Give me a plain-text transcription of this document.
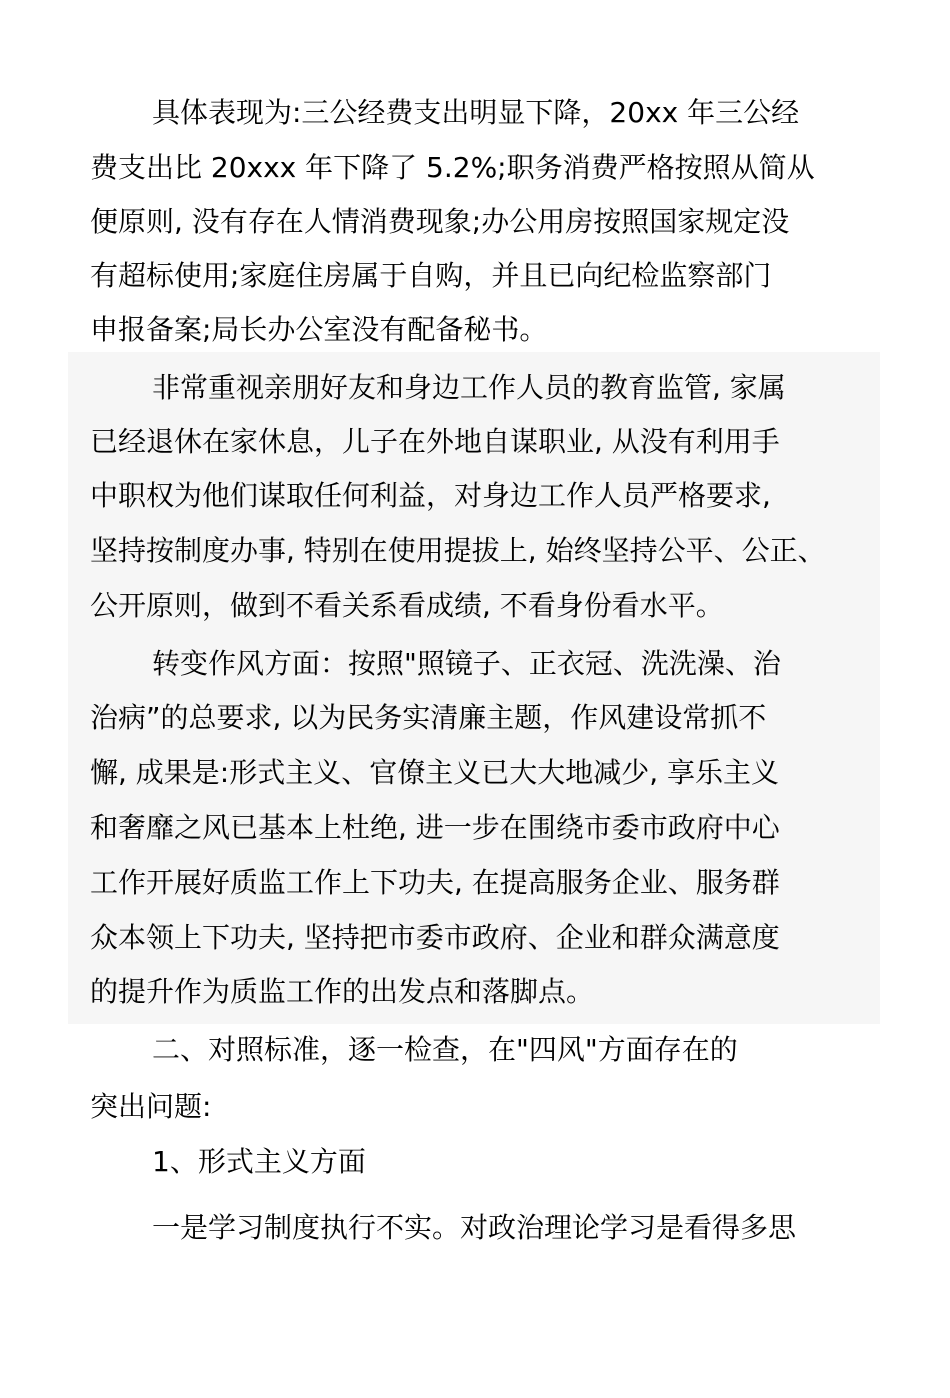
具体表现为:三公经费支出明显下降，20xx 年三公经
费支出比 20xxx 年下降了 5.2%;职务消费严格按照从简从
便原则, 没有存在人情消费现象;办公用房按照国家规定没
有超标使用;家庭住房属于自购，并且已向纪检监察部门
申报备案;局长办公室没有配备秘书。
非常重视亲朋好友和身边工作人员的教育监管, 家属
已经退休在家休息，儿子在外地自谋职业, 从没有利用手
中职权为他们谋取任何利益，对身边工作人员严格要求,
坚持按制度办事, 特别在使用提拔上, 始终坚持公平、公正、
公开原则，做到不看关系看成绩, 不看身份看水平。
转变作风方面：按照"照镜子、正衣冠、洗洗澡、治
治病”的总要求, 以为民务实清廉主题，作风建设常抓不
懈, 成果是:形式主义、官僚主义已大大地减少, 享乐主义
和奢靡之风已基本上杜绝, 进一步在围绕市委市政府中心
工作开展好质监工作上下功夫, 在提高服务企业、服务群
众本领上下功夫, 坚持把市委市政府、企业和群众满意度
的提升作为质监工作的出发点和落脚点。
二、对照标准，逐一检查，在"四风"方面存在的
突出问题:
1、形式主义方面
一是学习制度执行不实。对政治理论学习是看得多思
